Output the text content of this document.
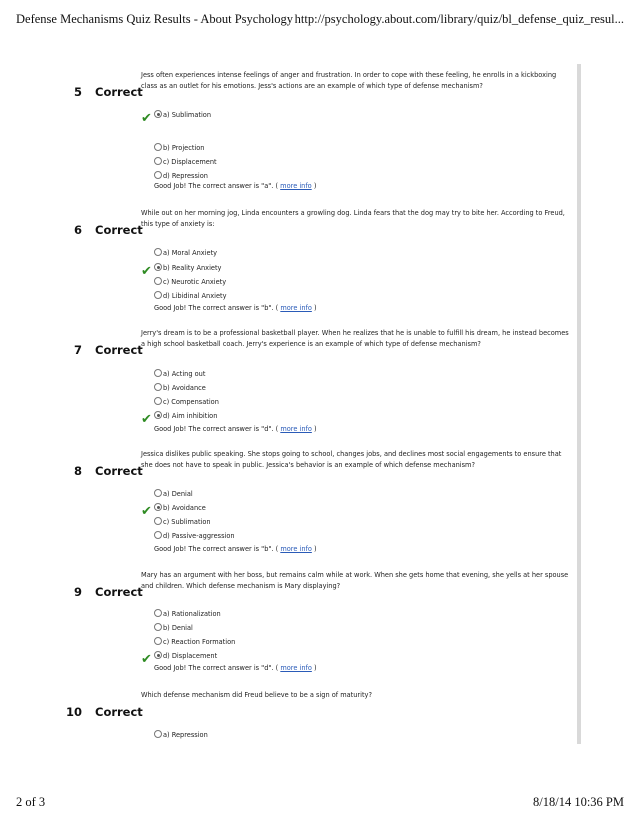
Defense Mechanisms Quiz Results - About Psychology http://psychology.about.com/library/quiz/bl_defense_quiz_resul...
5 Correct
Jess often experiences intense feelings of anger and frustration. In order to cope with these feeling, he enrolls in a kickboxing class as an outlet for his emotions. Jess's actions are an example of which type of defense mechanism?
a) Sublimation
✔
b) Projection
c) Displacement
d) Repression
Good Job! The correct answer is "a". ( more info )
6 Correct
While out on her morning jog, Linda encounters a growling dog. Linda fears that the dog may try to bite her. According to Freud, this type of anxiety is:
a) Moral Anxiety
b) Reality Anxiety
✔
c) Neurotic Anxiety
d) Libidinal Anxiety
Good Job! The correct answer is "b". ( more info )
7 Correct
Jerry's dream is to be a professional basketball player. When he realizes that he is unable to fulfill his dream, he instead becomes a high school basketball coach. Jerry's experience is an example of which type of defense mechanism?
a) Acting out
b) Avoidance
c) Compensation
d) Aim inhibition
✔
Good Job! The correct answer is "d". ( more info )
8 Correct
Jessica dislikes public speaking. She stops going to school, changes jobs, and declines most social engagements to ensure that she does not have to speak in public. Jessica's behavior is an example of which defense mechanism?
a) Denial
b) Avoidance
✔
c) Sublimation
d) Passive-aggression
Good Job! The correct answer is "b". ( more info )
9 Correct
Mary has an argument with her boss, but remains calm while at work. When she gets home that evening, she yells at her spouse and children. Which defense mechanism is Mary displaying?
a) Rationalization
b) Denial
c) Reaction Formation
d) Displacement
✔
Good Job! The correct answer is "d". ( more info )
10 Correct
Which defense mechanism did Freud believe to be a sign of maturity?
a) Repression
2 of 3	8/18/14 10:36 PM
